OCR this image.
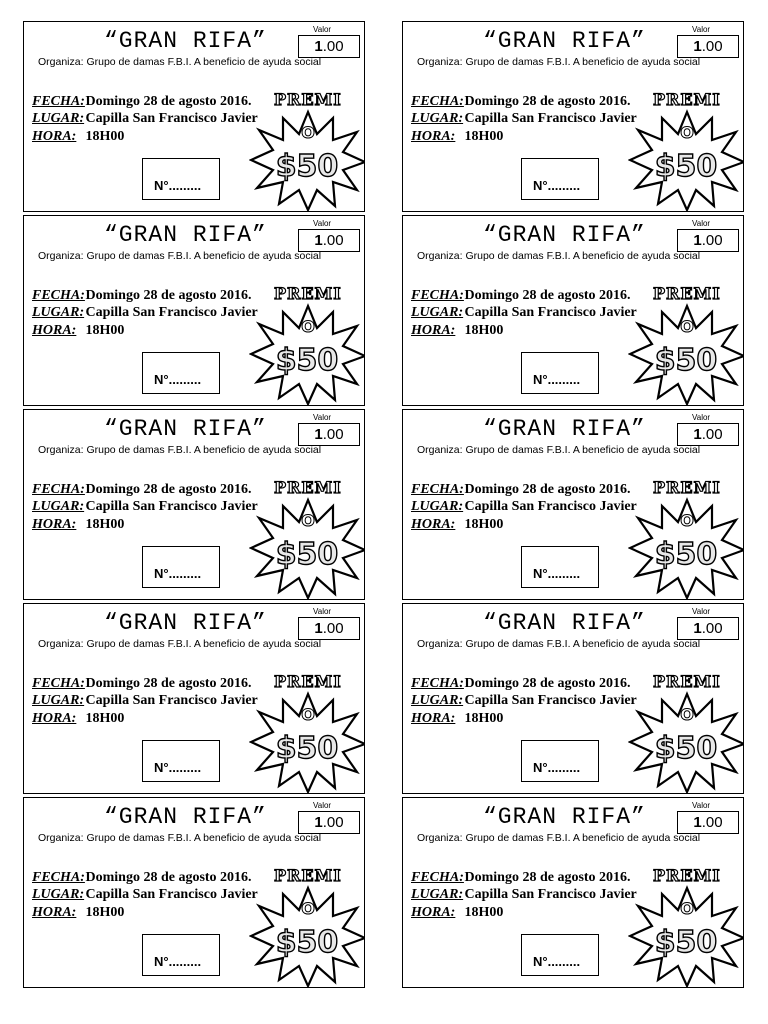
“GRAN RIFA”	Valor
1.00
Organiza: Grupo de damas F.B.I. A beneficio de ayuda social
FECHA: Domingo 28 de agosto 2016.
LUGAR: Capilla San Francisco Javier
HORA: 18H00
N°.........
PREMI
O
$50
“GRAN RIFA”	Valor
1.00
Organiza: Grupo de damas F.B.I. A beneficio de ayuda social
FECHA: Domingo 28 de agosto 2016.
LUGAR: Capilla San Francisco Javier
HORA: 18H00
N°.........
PREMI
O
$50
“GRAN RIFA”	Valor
1.00
Organiza: Grupo de damas F.B.I. A beneficio de ayuda social
FECHA: Domingo 28 de agosto 2016.
LUGAR: Capilla San Francisco Javier
HORA: 18H00
N°.........
PREMI
O
$50
“GRAN RIFA”	Valor
1.00
Organiza: Grupo de damas F.B.I. A beneficio de ayuda social
FECHA: Domingo 28 de agosto 2016.
LUGAR: Capilla San Francisco Javier
HORA: 18H00
N°.........
PREMI
O
$50
“GRAN RIFA”	Valor
1.00
Organiza: Grupo de damas F.B.I. A beneficio de ayuda social
FECHA: Domingo 28 de agosto 2016.
LUGAR: Capilla San Francisco Javier
HORA: 18H00
N°.........
PREMI
O
$50
“GRAN RIFA”	Valor
1.00
Organiza: Grupo de damas F.B.I. A beneficio de ayuda social
FECHA: Domingo 28 de agosto 2016.
LUGAR: Capilla San Francisco Javier
HORA: 18H00
N°.........
PREMI
O
$50
“GRAN RIFA”	Valor
1.00
Organiza: Grupo de damas F.B.I. A beneficio de ayuda social
FECHA: Domingo 28 de agosto 2016.
LUGAR: Capilla San Francisco Javier
HORA: 18H00
N°.........
PREMI
O
$50
“GRAN RIFA”	Valor
1.00
Organiza: Grupo de damas F.B.I. A beneficio de ayuda social
FECHA: Domingo 28 de agosto 2016.
LUGAR: Capilla San Francisco Javier
HORA: 18H00
N°.........
PREMI
O
$50
“GRAN RIFA”	Valor
1.00
Organiza: Grupo de damas F.B.I. A beneficio de ayuda social
FECHA: Domingo 28 de agosto 2016.
LUGAR: Capilla San Francisco Javier
HORA: 18H00
N°.........
PREMI
O
$50
“GRAN RIFA”	Valor
1.00
Organiza: Grupo de damas F.B.I. A beneficio de ayuda social
FECHA: Domingo 28 de agosto 2016.
LUGAR: Capilla San Francisco Javier
HORA: 18H00
N°.........
PREMI
O
$50
